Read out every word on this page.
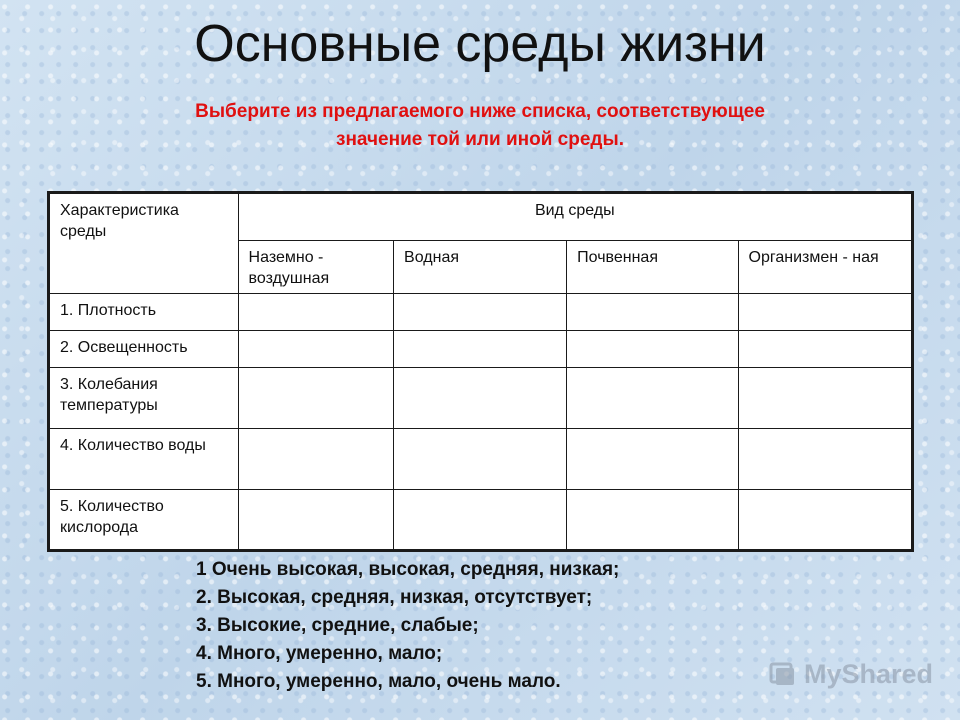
Основные среды жизни
Выберите из предлагаемого ниже списка, соответствующее
значение той или иной среды.
Характеристика среды	Вид среды			
	Наземно - воздушная	Водная	Почвенная	Организмен - ная
1. Плотность				
2. Освещенность				
3. Колебания температуры				
4. Количество воды				
5. Количество кислорода				
1 Очень высокая, высокая, средняя, низкая;
2. Высокая, средняя, низкая, отсутствует;
3. Высокие, средние, слабые;
4. Много, умеренно, мало;
5. Много, умеренно, мало, очень мало.	MyShared
